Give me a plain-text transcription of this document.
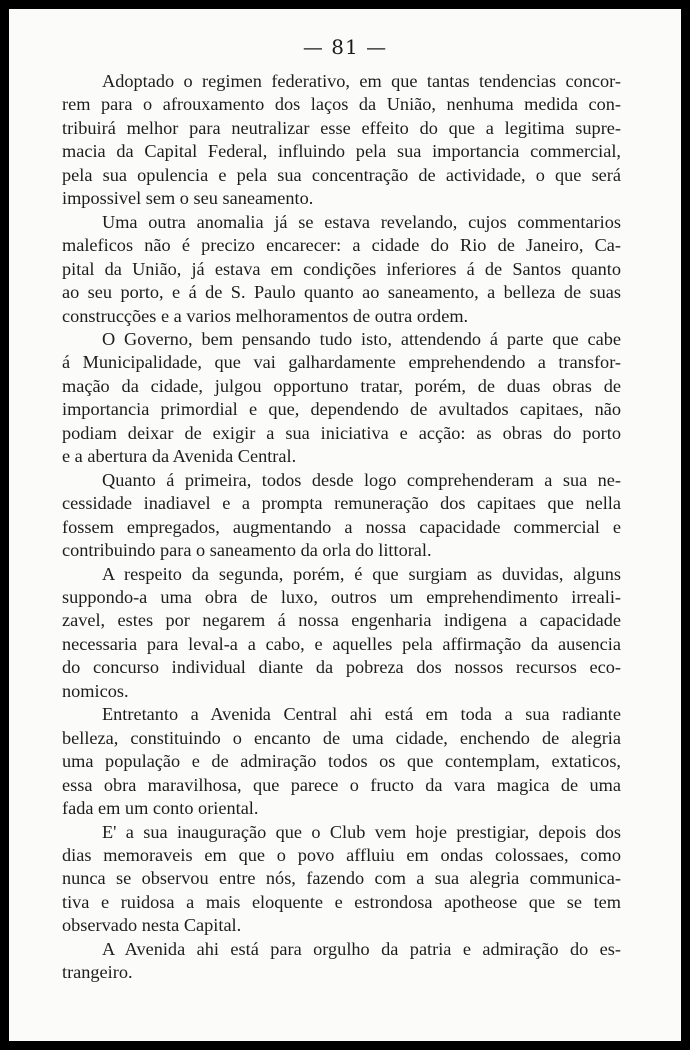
— 81 —
Adoptado o regimen federativo, em que tantas tendencias concor-
rem para o afrouxamento dos laços da União, nenhuma medida con-
tribuirá melhor para neutralizar esse effeito do que a legitima supre-
macia da Capital Federal, influindo pela sua importancia commercial,
pela sua opulencia e pela sua concentração de actividade, o que será
impossivel sem o seu saneamento.
Uma outra anomalia já se estava revelando, cujos commentarios
maleficos não é precizo encarecer: a cidade do Rio de Janeiro, Ca-
pital da União, já estava em condições inferiores á de Santos quanto
ao seu porto, e á de S. Paulo quanto ao saneamento, a belleza de suas
construcções e a varios melhoramentos de outra ordem.
O Governo, bem pensando tudo isto, attendendo á parte que cabe
á Municipalidade, que vai galhardamente emprehendendo a transfor-
mação da cidade, julgou opportuno tratar, porém, de duas obras de
importancia primordial e que, dependendo de avultados capitaes, não
podiam deixar de exigir a sua iniciativa e acção: as obras do porto
e a abertura da Avenida Central.
Quanto á primeira, todos desde logo comprehenderam a sua ne-
cessidade inadiavel e a prompta remuneração dos capitaes que nella
fossem empregados, augmentando a nossa capacidade commercial e
contribuindo para o saneamento da orla do littoral.
A respeito da segunda, porém, é que surgiam as duvidas, alguns
suppondo-a uma obra de luxo, outros um emprehendimento irreali-
zavel, estes por negarem á nossa engenharia indigena a capacidade
necessaria para leval-a a cabo, e aquelles pela affirmação da ausencia
do concurso individual diante da pobreza dos nossos recursos eco-
nomicos.
Entretanto a Avenida Central ahi está em toda a sua radiante
belleza, constituindo o encanto de uma cidade, enchendo de alegria
uma população e de admiração todos os que contemplam, extaticos,
essa obra maravilhosa, que parece o fructo da vara magica de uma
fada em um conto oriental.
E' a sua inauguração que o Club vem hoje prestigiar, depois dos
dias memoraveis em que o povo affluiu em ondas colossaes, como
nunca se observou entre nós, fazendo com a sua alegria communica-
tiva e ruidosa a mais eloquente e estrondosa apotheose que se tem
observado nesta Capital.
A Avenida ahi está para orgulho da patria e admiração do es-
trangeiro.
